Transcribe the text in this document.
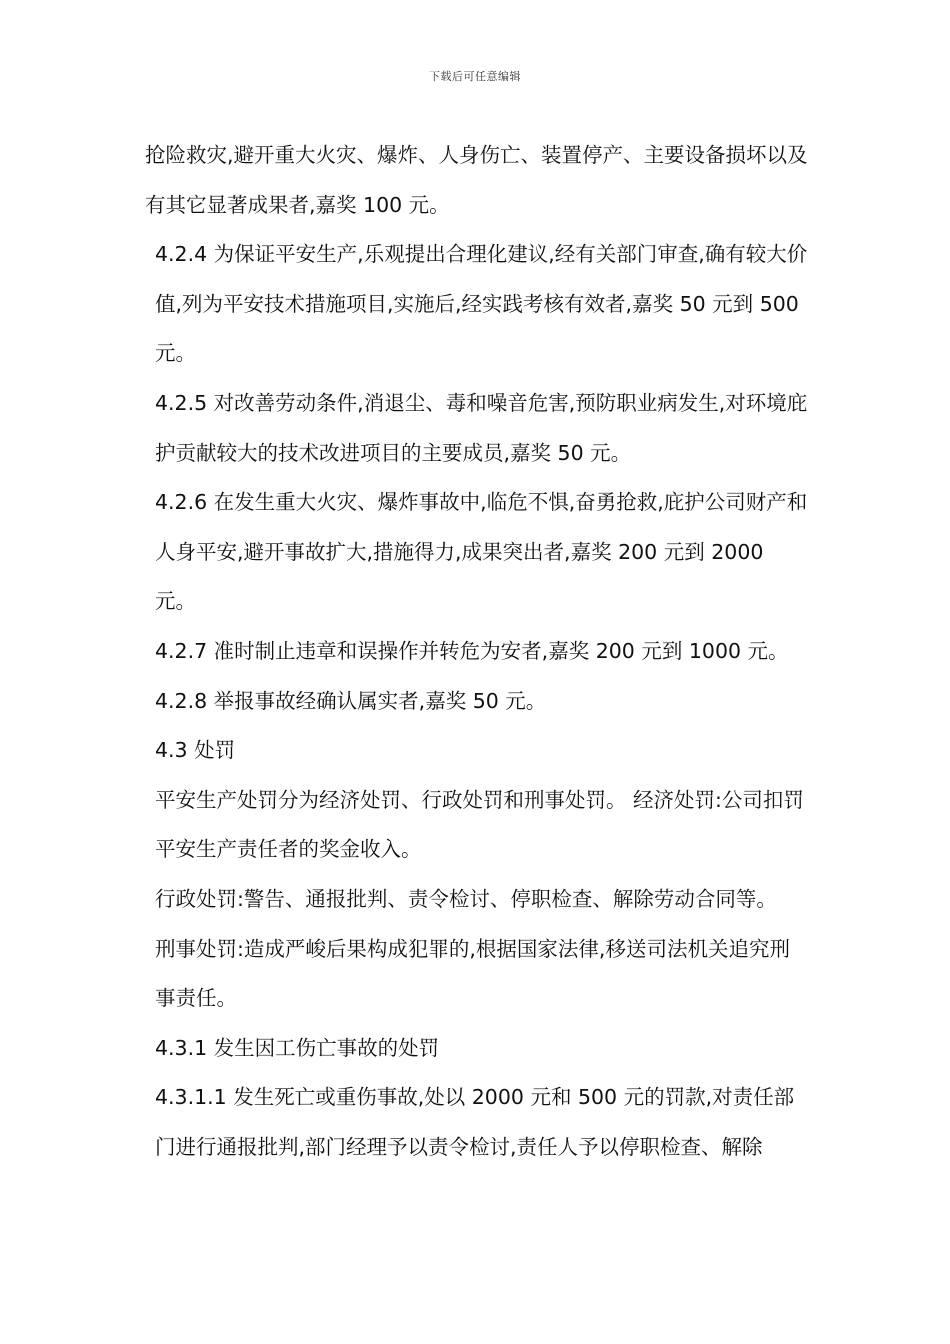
下载后可任意编辑

抢险救灾,避开重大火灾、爆炸、人身伤亡、装置停产、主要设备损坏以及有其它显著成果者,嘉奖 100 元。

4.2.4 为保证平安生产,乐观提出合理化建议,经有关部门审查,确有较大价值,列为平安技术措施项目,实施后,经实践考核有效者,嘉奖 50 元到 500 元。

4.2.5 对改善劳动条件,消退尘、毒和噪音危害,预防职业病发生,对环境庇护贡献较大的技术改进项目的主要成员,嘉奖 50 元。

4.2.6 在发生重大火灾、爆炸事故中,临危不惧,奋勇抢救,庇护公司财产和人身平安,避开事故扩大,措施得力,成果突出者,嘉奖 200 元到 2000 元。

4.2.7 准时制止违章和误操作并转危为安者,嘉奖 200 元到 1000 元。

4.2.8 举报事故经确认属实者,嘉奖 50 元。

4.3 处罚

平安生产处罚分为经济处罚、行政处罚和刑事处罚。 经济处罚:公司扣罚平安生产责任者的奖金收入。

行政处罚:警告、通报批判、责令检讨、停职检查、解除劳动合同等。

刑事处罚:造成严峻后果构成犯罪的,根据国家法律,移送司法机关追究刑事责任。

4.3.1 发生因工伤亡事故的处罚

4.3.1.1 发生死亡或重伤事故,处以 2000 元和 500 元的罚款,对责任部门进行通报批判,部门经理予以责令检讨,责任人予以停职检查、解除
